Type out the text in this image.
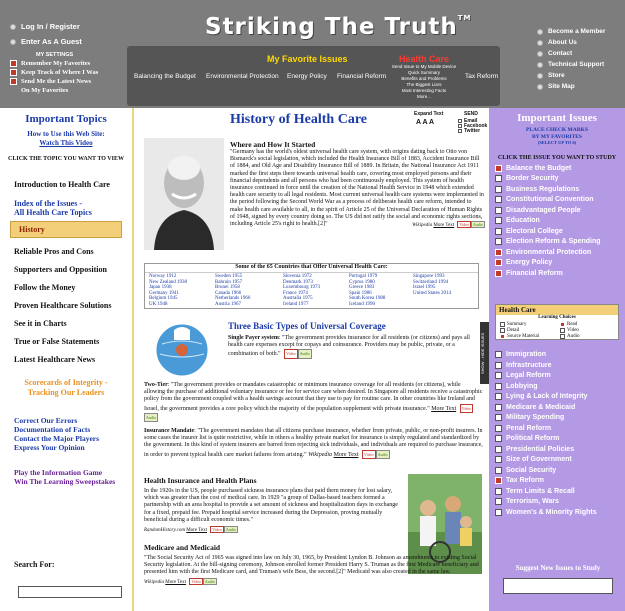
Log In / Register
Enter As A Guest
MY SETTINGS
Remember My Favorites
Keep Track of Where I Was
Send Me the Latest News
On My Favorites
Striking The Truth™
My Favorite Issues
Balancing the Budget Environmental Protection Energy Policy Financial Reform
Health Care
Send Issue to My Mobile Device
Quick Summary
Benefits and Problems
The Biggest Liars
Most Interesting Facts
More...
Tax Reform
Become a Member
About Us
Contact
Technical Support
Store
Site Map
Important Topics
How to Use this Web Site:
Watch This Video
CLICK THE TOPIC YOU WANT TO VIEW
Introduction to Health Care
Index of the Issues -
All Health Care Topics
History
Reliable Pros and Cons
Supporters and Opposition
Follow the Money
Proven Healthcare Solutions
See it in Charts
True or False Statements
Latest Healthcare News
Scorecards of Integrity -
Tracking Our Leaders
Correct Our Errors
Documentation of Facts
Contact the Major Players
Express Your Opinion
Play the Information Game
Win The Learning Sweepstakes
Search For:
History of Health Care	Expand Text
A A A
SEND
Email
Facebook
Twitter
Where and How It Started
"Germany has the world's oldest universal health care system, with origins dating back to Otto von Bismarck's social legislation, which included the Health Insurance Bill of 1883, Accident Insurance Bill of 1884, and Old Age and Disability Insurance Bill of 1889. In Britain, the National Insurance Act 1911 marked the first steps there towards universal health care, covering most employed persons and their financial dependents and all persons who had been continuously employed. This system of health insurance continued in force until the creation of the National Health Service in 1948 which extended health care security to all legal residents. Most current universal health care systems were implemented in the period following the Second World War as a process of deliberate health care reform, intended to make health care available to all, in the spirit of Article 25 of the Universal Declaration of Human Rights of 1948, signed by every country doing so. The US did not ratify the social and economic rights sections, including Article 25's right to health.[2]"	Wikipedia More Text Video Audio
Some of the 65 Countries that Offer Universal Health Care:
Norway 1912
New Zealand 1938
Japan 1938
Germany 1941
Belgium 1945
UK 1948
Sweden 1955
Bahrain 1957
Brunei 1958
Canada 1966
Netherlands 1966
Austria 1967
Slovenia 1972
Denmark 1973
Luxembourg 1973
France 1974
Australia 1975
Ireland 1977
Portugal 1979
Cyprus 1980
Greece 1983
Spain 1986
South Korea 1988
Iceland 1990
Singapore 1993
Switzerland 1994
Israel 1995
United States 2014
Three Basic Types of Universal Coverage
Single Payer system: "The government provides insurance for all residents (or citizens) and pays all health care expenses except for copays and coinsurance. Providers may be public, private, or a combination of both." Video Audio
Two-Tier: "The government provides or mandates catastrophic or minimum insurance coverage for all residents (or citizens), while allowing the purchase of additional voluntary insurance or fee for service care when desired. In Singapore all residents receive a catastrophic policy from the government coupled with a health savings account that they use to pay for routine care. In other countries like Ireland and Israel, the government provides a core policy which the majority of the population supplement with private insurance." More Text VideoAudio
Insurance Mandate: "The government mandates that all citizens purchase insurance, whether from private, public, or non-profit insurers. In some cases the insurer list is quite restrictive, while in others a healthy private market for insurance is simply regulated and standardized by the government. In this kind of system insurers are barred from rejecting sick individuals, and individuals are required to purchase insurance, in order to prevent typical health care market failures from arising." Wikipedia More Text Video Audio
Health Insurance and Health Plans
In the 1920s in the US, people purchased sickness insurance plans that paid them money for lost salary, which was greater than the cost of medical care. In 1929 "a group of Dallas-based teachers formed a partnership with an area hospital to provide a set amount of sickness and hospitalization days in exchange for a fixed, prepaid fee. Prepaid hospital service increased during the Depression, proving mutually beneficial during a difficult economic times."
RandomHistory.com More Text Video Audio
Medicare and Medicaid
"The Social Security Act of 1965 was signed into law on July 30, 1965, by President Lyndon B. Johnson as amendments to existing Social Security legislation. At the bill-signing ceremony, Johnson enrolled former President Harry S. Truman as the first Medicare beneficiary and presented him with the first Medicare card, and Truman's wife Bess, the second.[2]" Medicaid was also created in the same law.
Wikipedia More Text Video Audio
SHOW - HIDE ISSUES
Important Issues
PLACE CHECK MARKS
BY MY FAVORITES
(SELECT UP TO 6)
CLICK THE ISSUE YOU WANT TO STUDY
Balance the Budget
Border Security
Business Regulations
Constitutional Convention
Disadvantaged People
Education
Electoral College
Election Reform & Spending
Environmental Protection
Energy Policy
Financial Reform
Health Care
Learning Choices
Summary	Read
Detail	Video
Source Material	Audio
Immigration
Infrastructure
Legal Reform
Lobbying
Lying & Lack of Integrity
Medicare & Medicaid
Military Spending
Penal Reform
Political Reform
Presidential Policies
Size of Government
Social Security
Tax Reform
Term Limits & Recall
Terrorism, Wars
Women's & Minority Rights
Suggest New Issues to Study
